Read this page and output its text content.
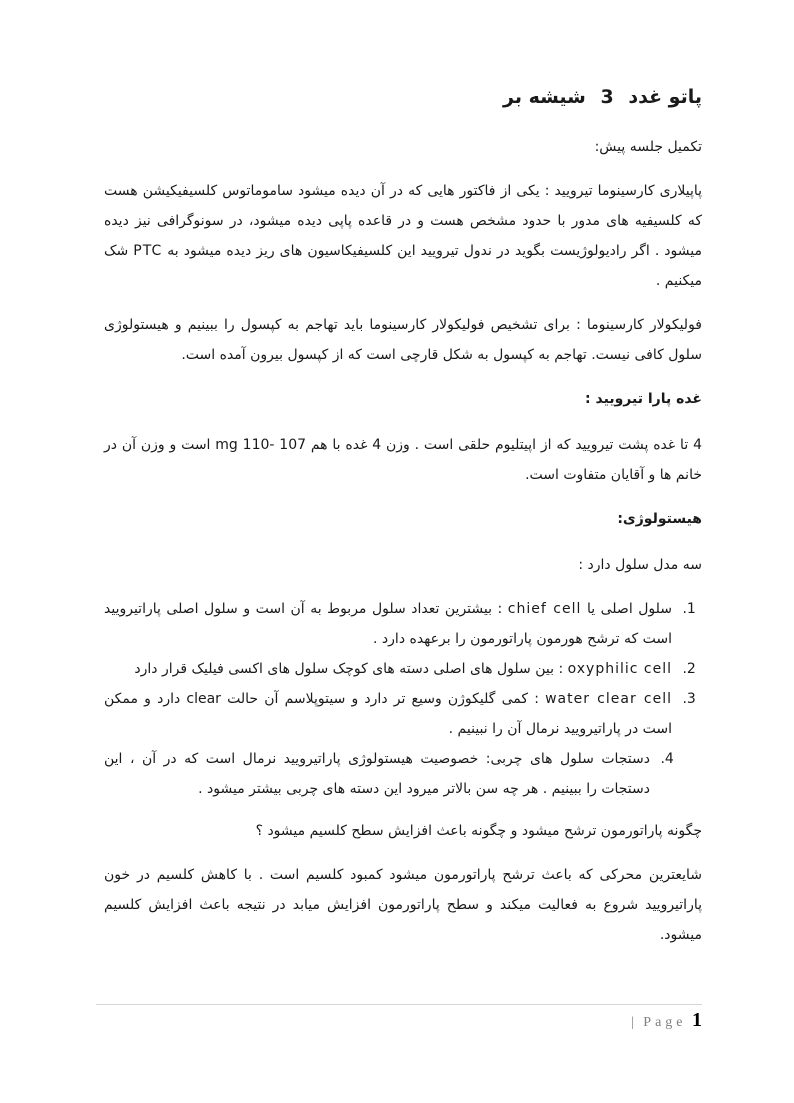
پاتو غدد 3 شیشه بر

تکمیل جلسه پیش:

پاپیلاری کارسینوما تیرویید : یکی از فاکتور هایی که در آن دیده میشود ساموماتوس کلسیفیکیشن هست که کلسیفیه های مدور با حدود مشخص هست و در قاعده پاپی دیده میشود، در سونوگرافی نیز دیده میشود . اگر رادیولوژیست بگوید در ندول تیرویید این کلسیفیکاسیون های ریز دیده میشود به PTC شک میکنیم .

فولیکولار کارسینوما : برای تشخیص فولیکولار کارسینوما باید تهاجم به کپسول را ببینیم و هیستولوژی سلول کافی نیست. تهاجم به کپسول به شکل قارچی است که از کپسول بیرون آمده است.

غده پارا تیرویید :

4 تا غده پشت تیرویید که از اپیتلیوم حلقی است . وزن 4 غده با هم 107 -110 mg است و وزن آن در خانم ها و آقایان متفاوت است.

هیستولوژی:

سه مدل سلول دارد :

1. سلول اصلی یا chief cell : بیشترین تعداد سلول مربوط به آن است و سلول اصلی پاراتیرویید است که ترشح هورمون پاراتورمون را برعهده دارد .
2. oxyphilic cell : بین سلول های اصلی دسته های کوچک سلول های اکسی فیلیک قرار دارد
3. water clear cell : کمی گلیکوژن وسیع تر دارد و سیتوپلاسم آن حالت clear دارد و ممکن است در پاراتیرویید نرمال آن را نبینیم .
4. دستجات سلول های چربی: خصوصیت هیستولوژی پاراتیرویید نرمال است که در آن ، این دستجات را ببینیم . هر چه سن بالاتر میرود این دسته های چربی بیشتر میشود .

چگونه پاراتورمون ترشح میشود و چگونه باعث افزایش سطح کلسیم میشود ؟

شایعترین محرکی که باعث ترشح پاراتورمون میشود کمبود کلسیم است . با کاهش کلسیم در خون پاراتیرویید شروع به فعالیت میکند و سطح پاراتورمون افزایش میابد در نتیجه باعث افزایش کلسیم میشود.

| Page 1
